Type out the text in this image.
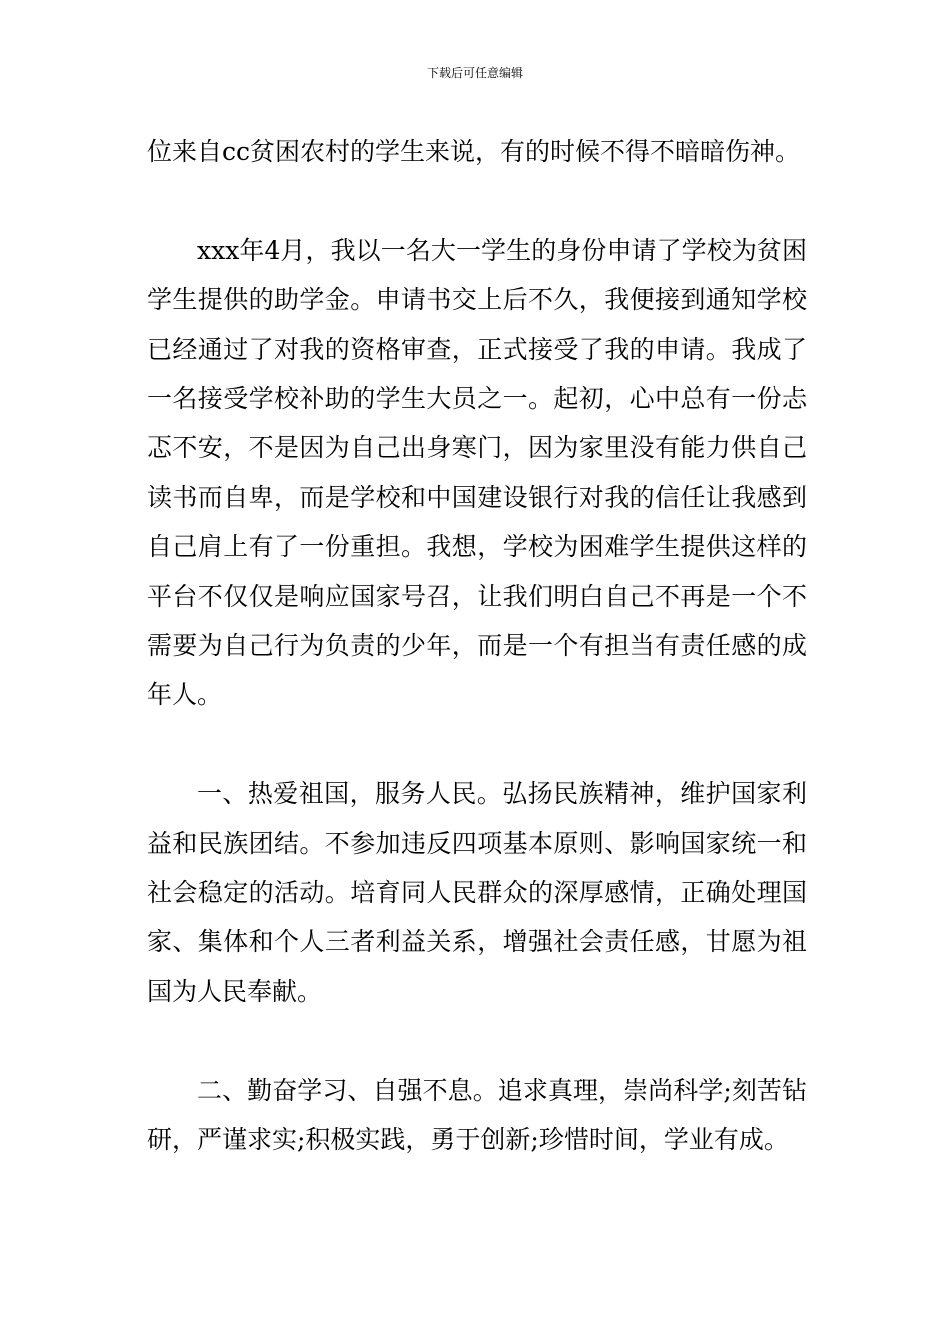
下载后可任意编辑

位来自cc贫困农村的学生来说，有的时候不得不暗暗伤神。

xxx年4月，我以一名大一学生的身份申请了学校为贫困学生提供的助学金。申请书交上后不久，我便接到通知学校已经通过了对我的资格审查，正式接受了我的申请。我成了一名接受学校补助的学生大员之一。起初，心中总有一份忐忑不安，不是因为自己出身寒门，因为家里没有能力供自己读书而自卑，而是学校和中国建设银行对我的信任让我感到自己肩上有了一份重担。我想，学校为困难学生提供这样的平台不仅仅是响应国家号召，让我们明白自己不再是一个不需要为自己行为负责的少年，而是一个有担当有责任感的成年人。

一、热爱祖国，服务人民。弘扬民族精神，维护国家利益和民族团结。不参加违反四项基本原则、影响国家统一和社会稳定的活动。培育同人民群众的深厚感情，正确处理国家、集体和个人三者利益关系，增强社会责任感，甘愿为祖国为人民奉献。

二、勤奋学习、自强不息。追求真理，崇尚科学;刻苦钻研，严谨求实;积极实践，勇于创新;珍惜时间，学业有成。
